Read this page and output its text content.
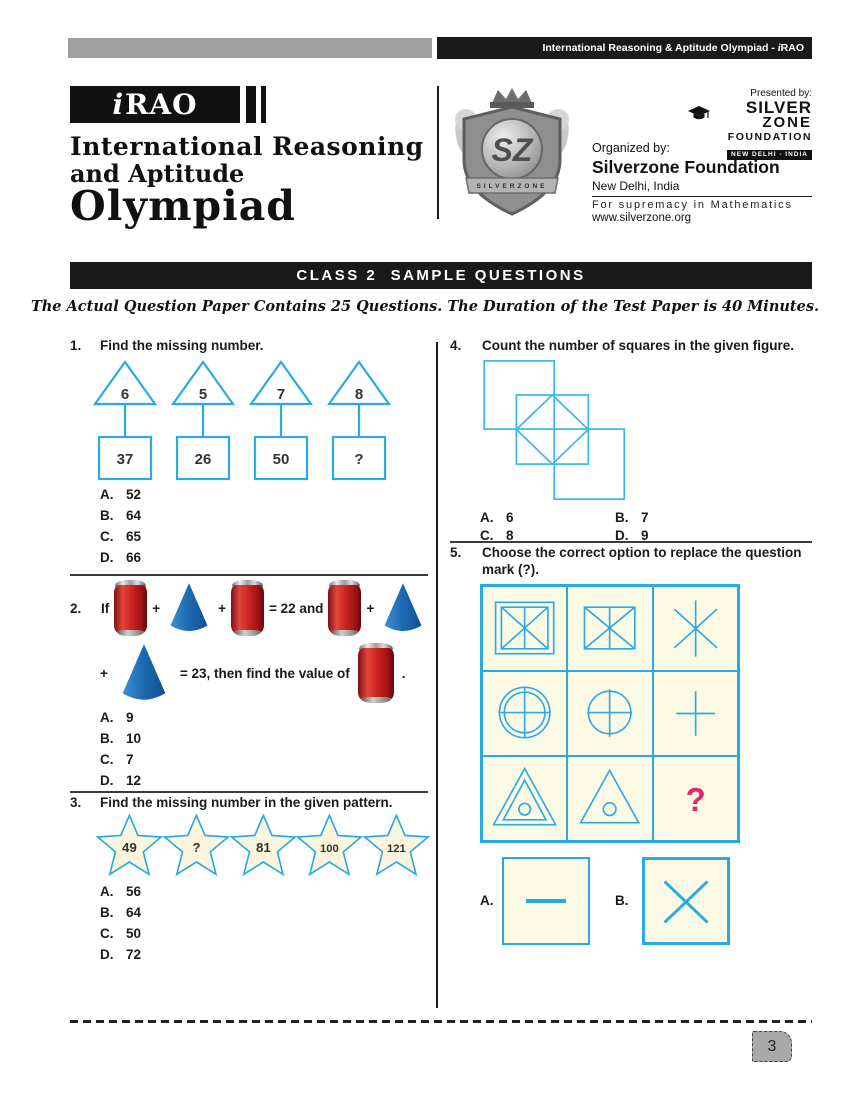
International Reasoning & Aptitude Olympiad - iRAO
i RAO
International Reasoning
and Aptitude
Olympiad
SZ
SILVERZONE
Presented by:
SILVER
ZONE
FOUNDATION
NEW DELHI - INDIA
Organized by:
Silverzone Foundation
New Delhi, India
For supremacy in Mathematics
www.silverzone.org
CLASS 2  SAMPLE QUESTIONS
The Actual Question Paper Contains 25 Questions. The Duration of the Test Paper is 40 Minutes.
1.	Find the missing number.
6
37
5
26
7
50
8
?
A. 52
B. 64
C. 65
D. 66
2.	If	+	+	= 22 and	+
+	= 23, then find the value of	.
A. 9
B. 10
C. 7
D. 12
3.	Find the missing number in the given pattern.
49	?	81	100	121
A. 56
B. 64
C. 50
D. 72
4.	Count the number of squares in the given figure.
A. 6	B. 7
C. 8	D. 9
5.	Choose the correct option to replace the question mark (?).
?
A.	B.
3
